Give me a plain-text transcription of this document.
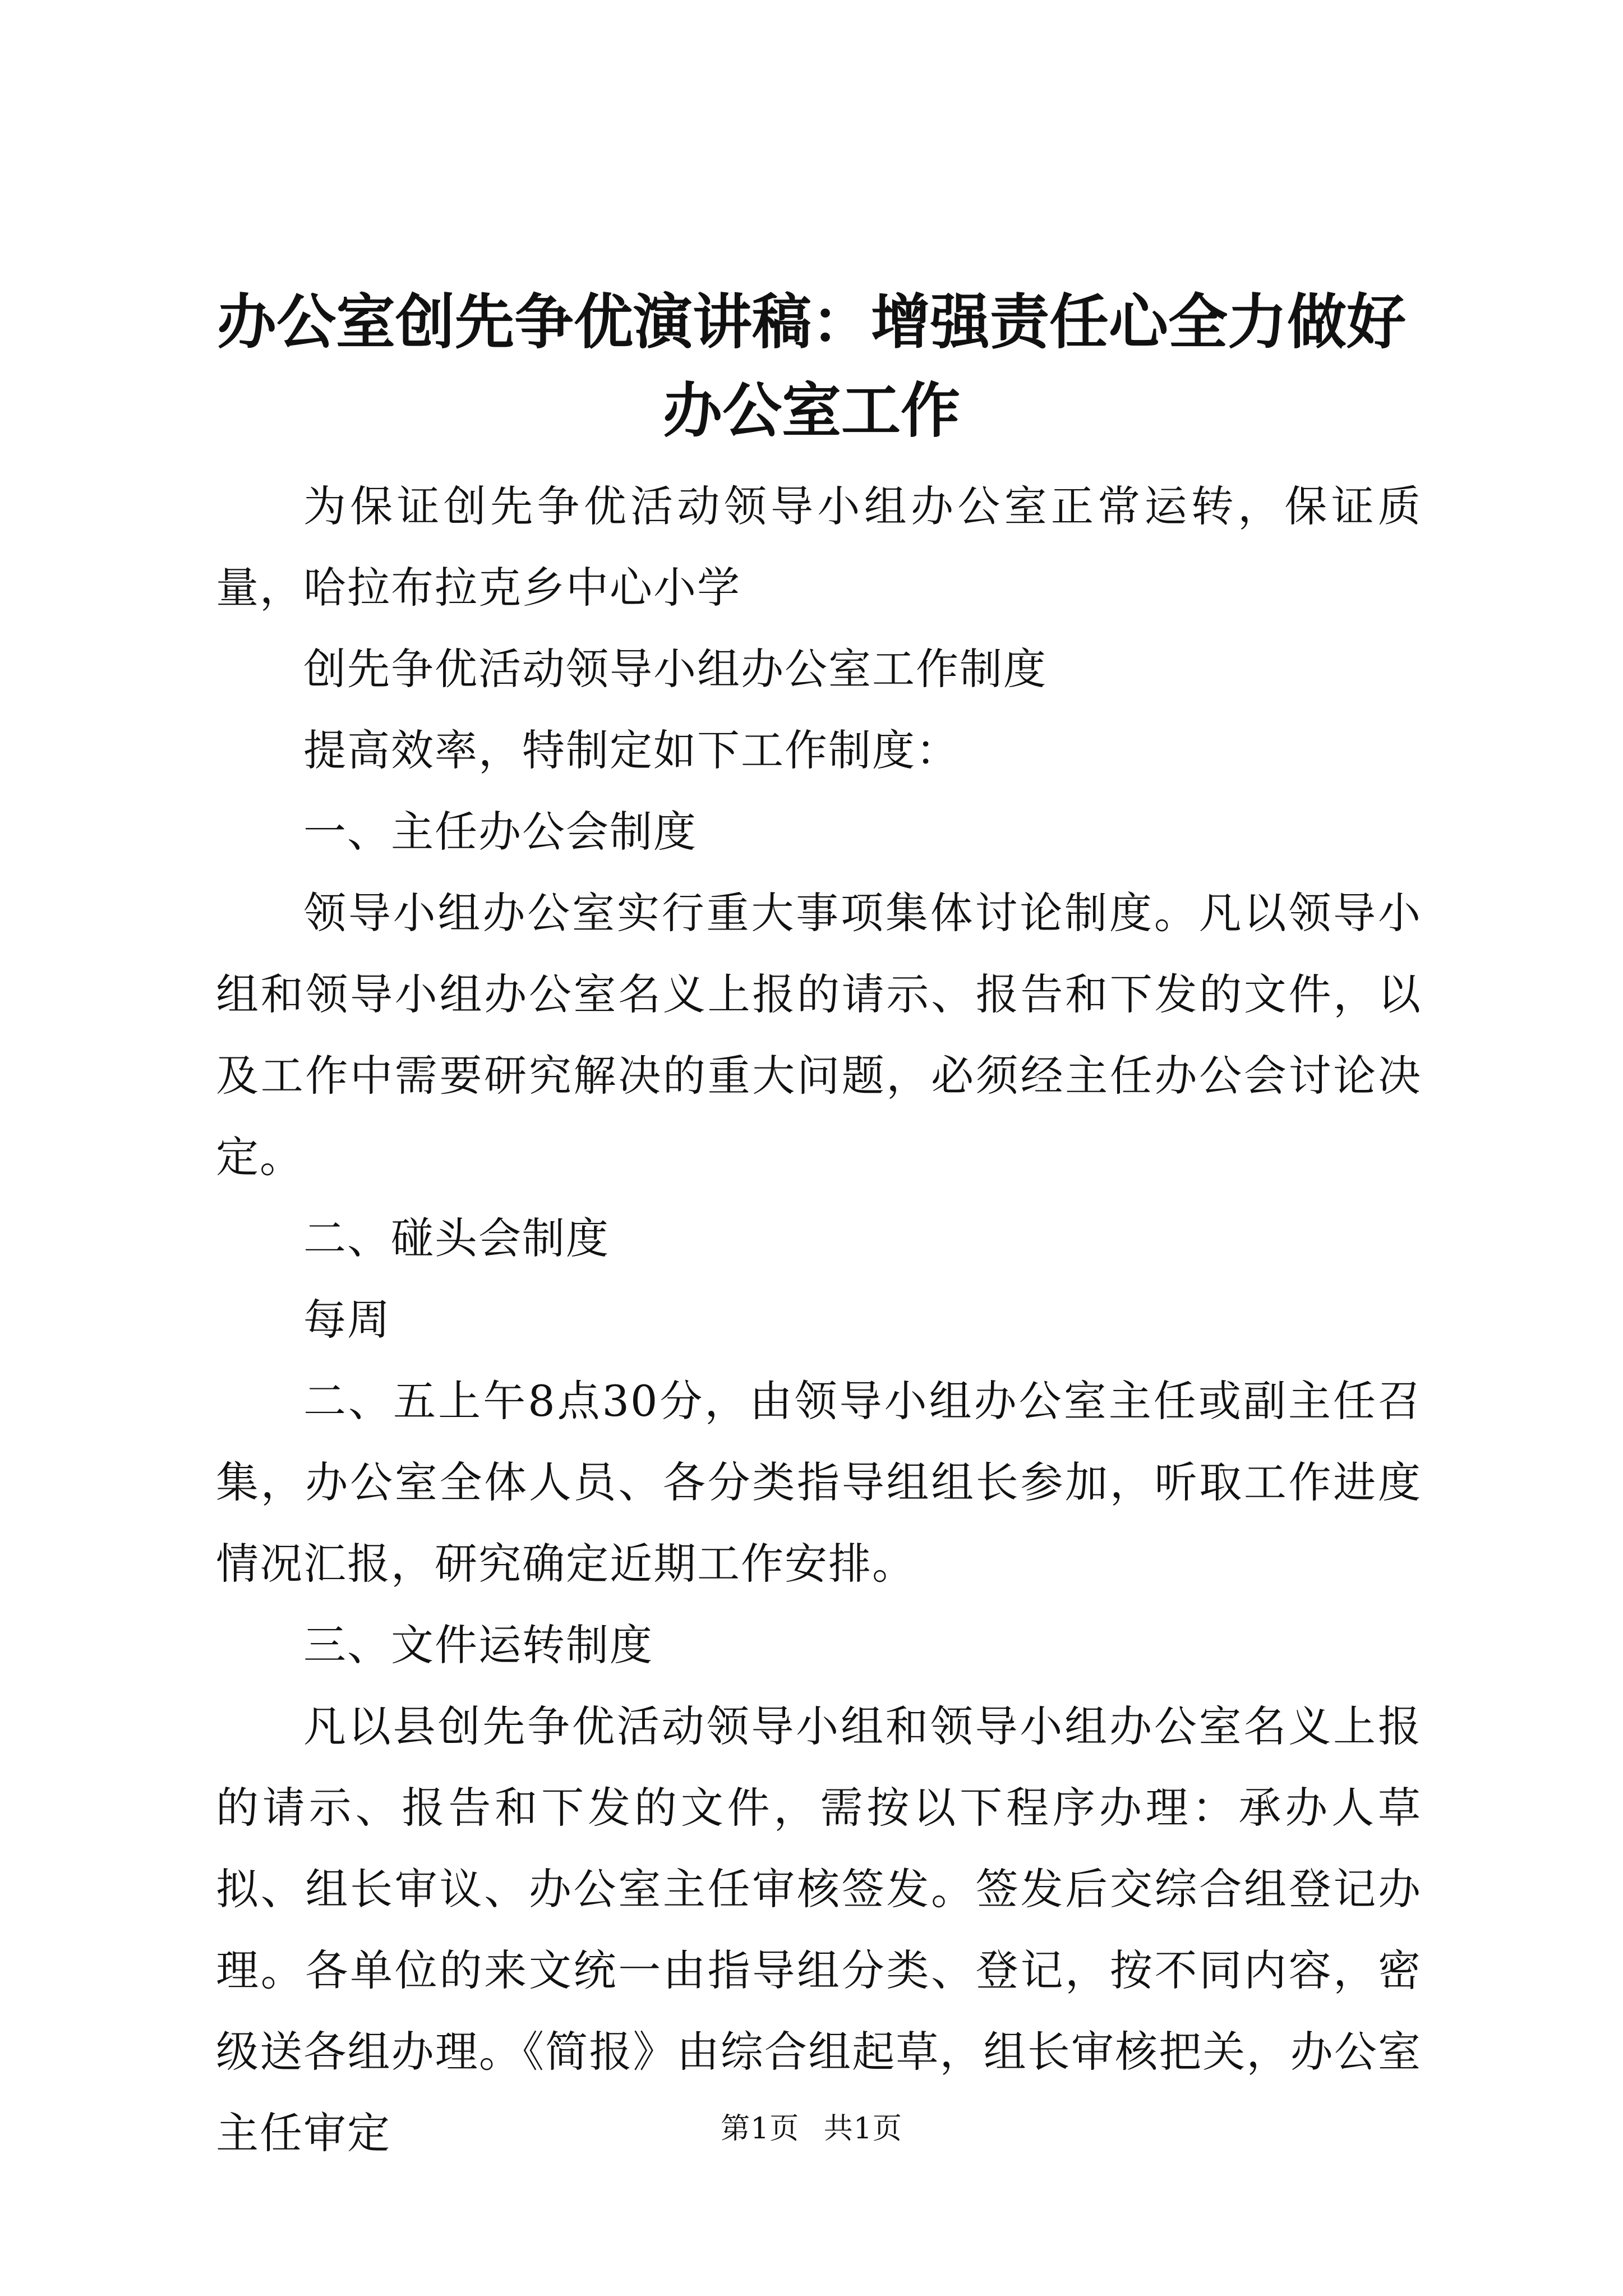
办公室创先争优演讲稿：增强责任心全力做好
办公室工作

为保证创先争优活动领导小组办公室正常运转，保证质量，哈拉布拉克乡中心小学

创先争优活动领导小组办公室工作制度

提高效率，特制定如下工作制度：

一、主任办公会制度

领导小组办公室实行重大事项集体讨论制度。凡以领导小组和领导小组办公室名义上报的请示、报告和下发的文件，以及工作中需要研究解决的重大问题，必须经主任办公会讨论决定。

二、碰头会制度

每周

二、五上午8点30分，由领导小组办公室主任或副主任召集，办公室全体人员、各分类指导组组长参加，听取工作进度情况汇报，研究确定近期工作安排。

三、文件运转制度

凡以县创先争优活动领导小组和领导小组办公室名义上报的请示、报告和下发的文件，需按以下程序办理：承办人草拟、组长审议、办公室主任审核签发。签发后交综合组登记办理。各单位的来文统一由指导组分类、登记，按不同内容，密级送各组办理。《简报》由综合组起草，组长审核把关，办公室主任审定	第1页 共1页
